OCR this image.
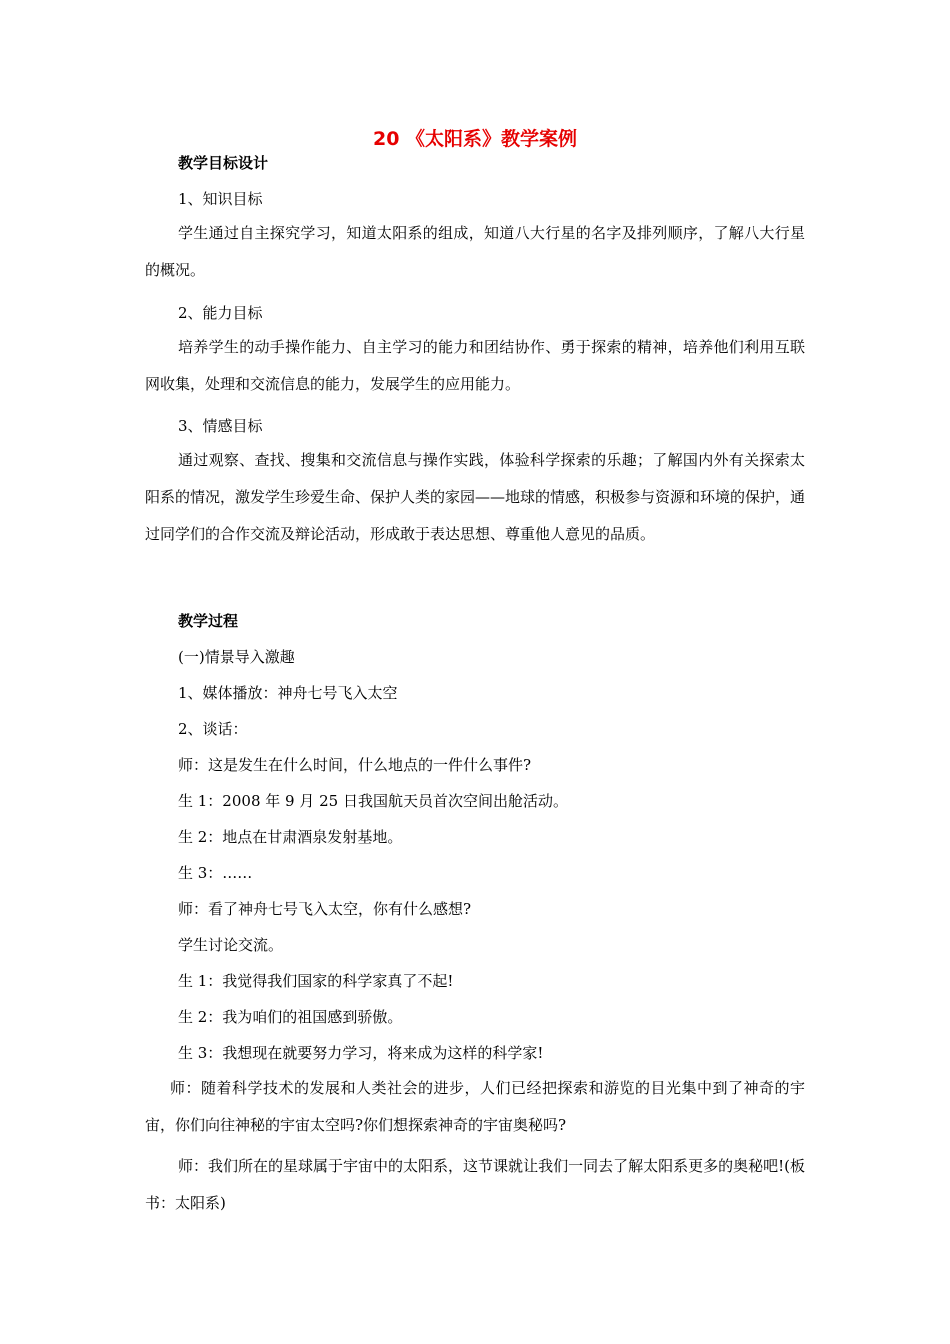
20 《太阳系》教学案例
教学目标设计
1、知识目标

学生通过自主探究学习，知道太阳系的组成，知道八大行星的名字及排列顺序，了解八大行星的概况。

2、能力目标

培养学生的动手操作能力、自主学习的能力和团结协作、勇于探索的精神，培养他们利用互联网收集，处理和交流信息的能力，发展学生的应用能力。

3、情感目标

通过观察、查找、搜集和交流信息与操作实践，体验科学探索的乐趣；了解国内外有关探索太阳系的情况，激发学生珍爱生命、保护人类的家园——地球的情感，积极参与资源和环境的保护，通过同学们的合作交流及辩论活动，形成敢于表达思想、尊重他人意见的品质。

教学过程
(一)情景导入激趣
1、媒体播放：神舟七号飞入太空
2、谈话：
师：这是发生在什么时间，什么地点的一件什么事件?
生 1：2008 年 9 月 25 日我国航天员首次空间出舱活动。
生 2：地点在甘肃酒泉发射基地。
生 3：……
师：看了神舟七号飞入太空，你有什么感想?
学生讨论交流。
生 1：我觉得我们国家的科学家真了不起!
生 2：我为咱们的祖国感到骄傲。
生 3：我想现在就要努力学习，将来成为这样的科学家!

师：随着科学技术的发展和人类社会的进步，人们已经把探索和游览的目光集中到了神奇的宇宙，你们向往神秘的宇宙太空吗?你们想探索神奇的宇宙奥秘吗?

师：我们所在的星球属于宇宙中的太阳系，这节课就让我们一同去了解太阳系更多的奥秘吧!(板书：太阳系)
